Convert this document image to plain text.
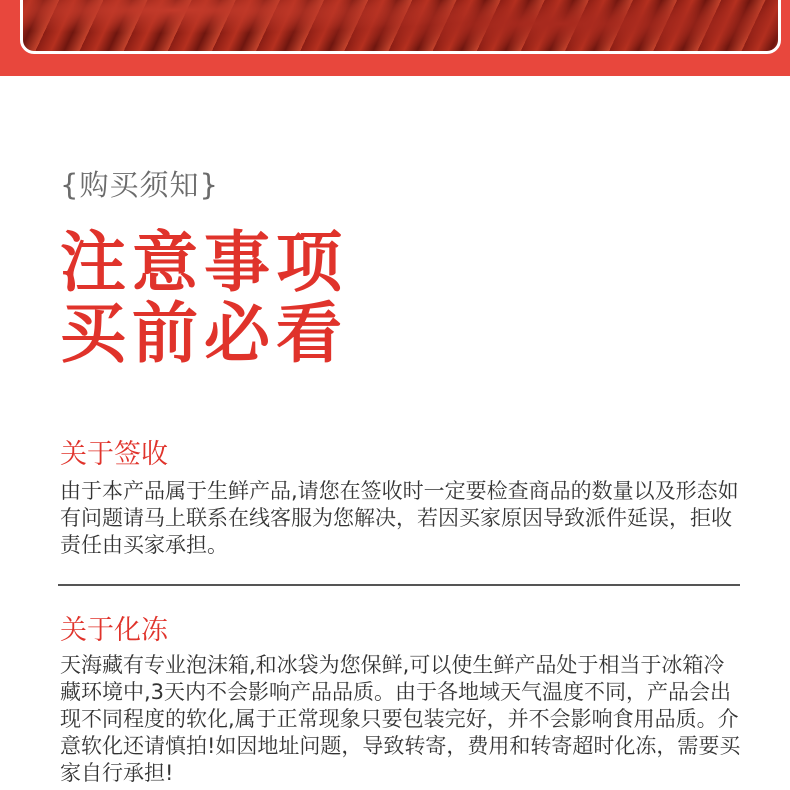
{购买须知}
注意事项
买前必看
关于签收

由于本产品属于生鲜产品,请您在签收时一定要检查商品的数量以及形态如有问题请马上联系在线客服为您解决，若因买家原因导致派件延误，拒收责任由买家承担。

关于化冻

天海藏有专业泡沫箱,和冰袋为您保鲜,可以使生鲜产品处于相当于冰箱冷藏环境中,3天内不会影响产品品质。由于各地域天气温度不同，产品会出现不同程度的软化,属于正常现象只要包装完好，并不会影响食用品质。介意软化还请慎拍!如因地址问题，导致转寄，费用和转寄超时化冻，需要买家自行承担!
